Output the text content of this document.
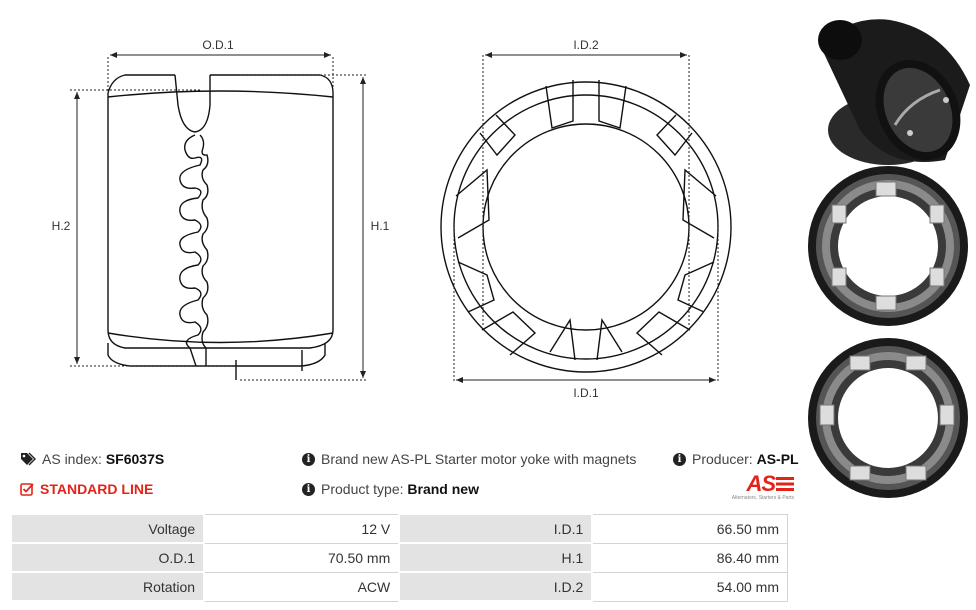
O.D.1
H.2	H.1
I.D.2
I.D.1
AS index:
SF6037S
STANDARD LINE
i Brand new AS-PL Starter motor yoke with magnets
i Product type:
Brand new
i Producer:
AS-PL
AS
Alternators, Starters & Parts
Voltage	12 V	I.D.1	66.50 mm
O.D.1	70.50 mm	H.1	86.40 mm
Rotation	ACW	I.D.2	54.00 mm
